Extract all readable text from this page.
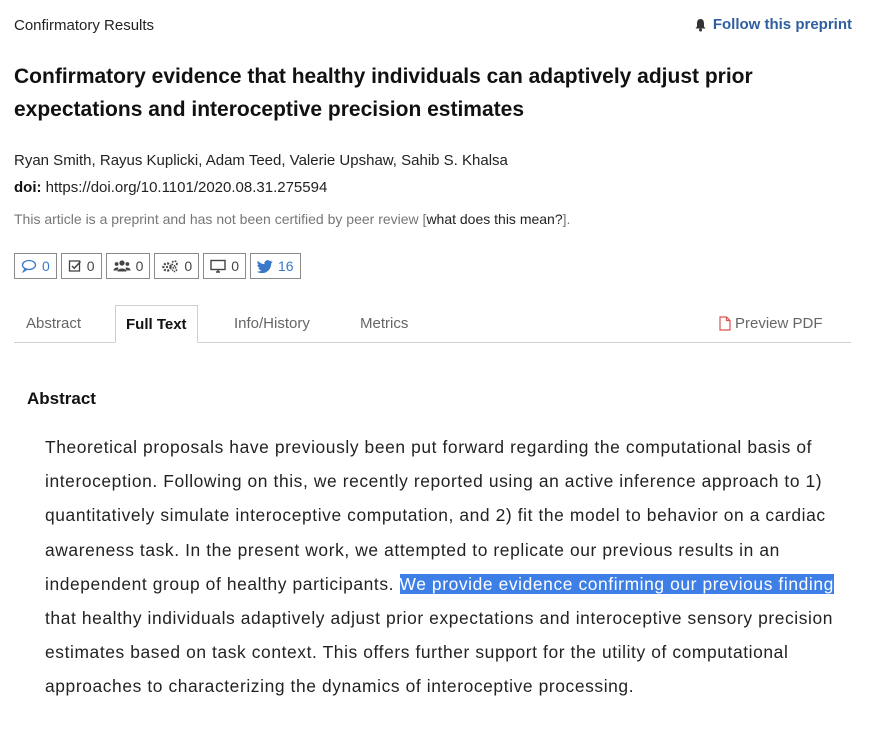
Confirmatory Results	Follow this preprint
Confirmatory evidence that healthy individuals can adaptively adjust prior expectations and interoceptive precision estimates
Ryan Smith, Rayus Kuplicki, Adam Teed, Valerie Upshaw, Sahib S. Khalsa
doi: https://doi.org/10.1101/2020.08.31.275594
This article is a preprint and has not been certified by peer review [what does this mean?].
0	0	0	0	0	16
Abstract	Full Text	Info/History	Metrics	Preview PDF
Abstract
Theoretical proposals have previously been put forward regarding the computational basis of interoception. Following on this, we recently reported using an active inference approach to 1) quantitatively simulate interoceptive computation, and 2) fit the model to behavior on a cardiac awareness task. In the present work, we attempted to replicate our previous results in an independent group of healthy participants. We provide evidence confirming our previous finding that healthy individuals adaptively adjust prior expectations and interoceptive sensory precision estimates based on task context. This offers further support for the utility of computational approaches to characterizing the dynamics of interoceptive processing.
